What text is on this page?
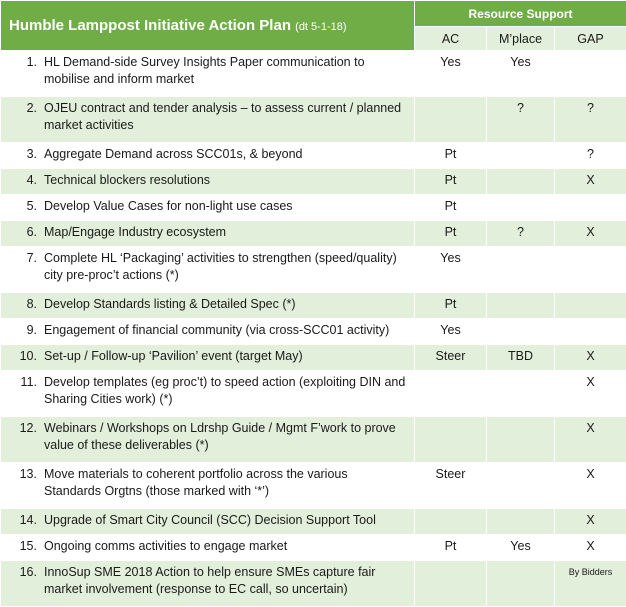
Humble Lamppost Initiative Action Plan (dt 5-1-18)	Resource Support		
	AC	M’place	GAP

1. HL Demand-side Survey Insights Paper communication to mobilise and inform market	Yes	Yes	

2. OJEU contract and tender analysis – to assess current / planned market activities		?	?

3. Aggregate Demand across SCC01s, & beyond	Pt		?

4. Technical blockers resolutions	Pt		X

5. Develop Value Cases for non-light use cases	Pt		

6. Map/Engage Industry ecosystem	Pt	?	X

7. Complete HL ‘Packaging’ activities to strengthen (speed/quality) city pre-proc’t actions (*)	Yes		

8. Develop Standards listing & Detailed Spec (*)	Pt		

9. Engagement of financial community (via cross-SCC01 activity)	Yes		

10. Set-up / Follow-up ‘Pavilion’ event (target May)	Steer	TBD	X

11. Develop templates (eg proc’t) to speed action (exploiting DIN and Sharing Cities work) (*)			X

12. Webinars / Workshops on Ldrshp Guide / Mgmt F’work to prove value of these deliverables (*)			X

13. Move materials to coherent portfolio across the various Standards Orgtns (those marked with ‘*’)	Steer		X

14. Upgrade of Smart City Council (SCC) Decision Support Tool			X

15. Ongoing comms activities to engage market	Pt	Yes	X

16. InnoSup SME 2018 Action to help ensure SMEs capture fair market involvement (response to EC call, so uncertain)			By Bidders
